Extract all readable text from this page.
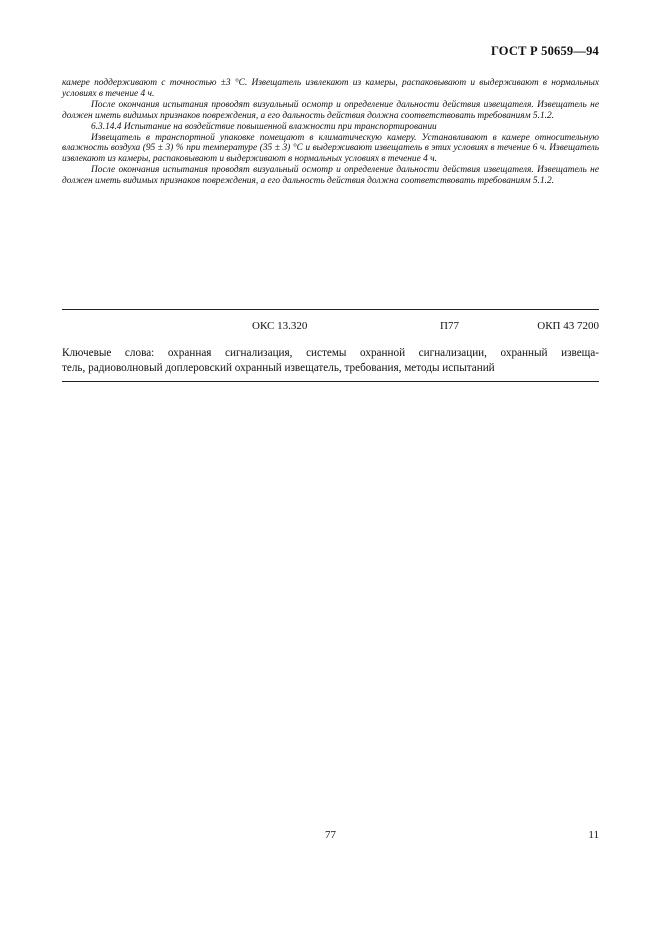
ГОСТ Р 50659—94

камере поддерживают с точностью ±3 °С. Извещатель извлекают из камеры, распаковывают и выдерживают в нормальных условиях в течение 4 ч.

После окончания испытания проводят визуальный осмотр и определение дальности действия извещателя. Извещатель не должен иметь видимых признаков повреждения, а его дальность действия должна соответствовать требованиям 5.1.2.

6.3.14.4 Испытание на воздействие повышенной влажности при транспортировании

Извещатель в транспортной упаковке помещают в климатическую камеру. Устанавливают в камере относительную влажность воздуха (95 ± 3) % при температуре (35 ± 3) °С и выдерживают извещатель в этих условиях в течение 6 ч. Извещатель извлекают из камеры, распаковывают и выдерживают в нормальных условиях в течение 4 ч.

После окончания испытания проводят визуальный осмотр и определение дальности действия извещателя. Извещатель не должен иметь видимых признаков повреждения, а его дальность действия должна соответствовать требованиям 5.1.2.

ОКС 13.320	П77	ОКП 43 7200
Ключевые слова: охранная сигнализация, системы охранной сигнализации, охранный извеща-
тель, радиоволновый доплеровский охранный извещатель, требования, методы испытаний
77	11
